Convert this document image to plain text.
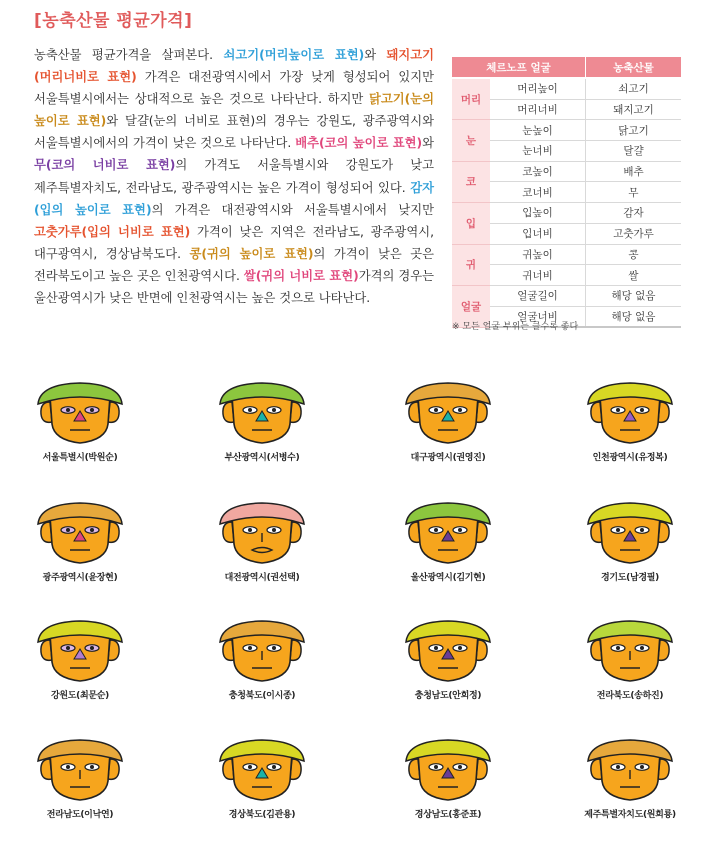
[농축산물 평균가격]
농축산물 평균가격을 살펴본다. 쇠고기(머리높이로 표현)와 돼지고기(머리너비로 표현) 가격은 대전광역시에서 가장 낮게 형성되어 있지만 서울특별시에서는 상대적으로 높은 것으로 나타난다. 하지만 닭고기(눈의 높이로 표현)와 달걀(눈의 너비로 표현)의 경우는 강원도, 광주광역시와 서울특별시에서의 가격이 낮은 것으로 나타난다. 배추(코의 높이로 표현)와 무(코의 너비로 표현)의 가격도 서울특별시와 강원도가 낮고 제주특별자치도, 전라남도, 광주광역시는 높은 가격이 형성되어 있다. 감자(입의 높이로 표현)의 가격은 대전광역시와 서울특별시에서 낮지만 고춧가루(입의 너비로 표현) 가격이 낮은 지역은 전라남도, 광주광역시, 대구광역시, 경상남북도다. 콩(귀의 높이로 표현)의 가격이 낮은 곳은 전라북도이고 높은 곳은 인천광역시다. 쌀(귀의 너비로 표현)가격의 경우는 울산광역시가 낮은 반면에 인천광역시는 높은 것으로 나타난다.
체르노프 얼굴		농축산물
머리	머리높이	쇠고기
	머리너비	돼지고기
눈	눈높이	닭고기
	눈너비	달걀
코	코높이	배추
	코너비	무
입	입높이	감자
	입너비	고춧가루
귀	귀높이	콩
	귀너비	쌀
얼굴	얼굴길이	해당 없음
	얼굴너비	해당 없음
※ 모든 얼굴 부위는 클수록 좋다
서울특별시(박원순)	부산광역시(서병수)	대구광역시(권영진)	인천광역시(유정복)
광주광역시(윤장현)	대전광역시(권선택)	울산광역시(김기현)	경기도(남경필)
강원도(최문순)	충청북도(이시종)	충청남도(안희정)	전라북도(송하진)
전라남도(이낙연)	경상북도(김관용)	경상남도(홍준표)	제주특별자치도(원희룡)
